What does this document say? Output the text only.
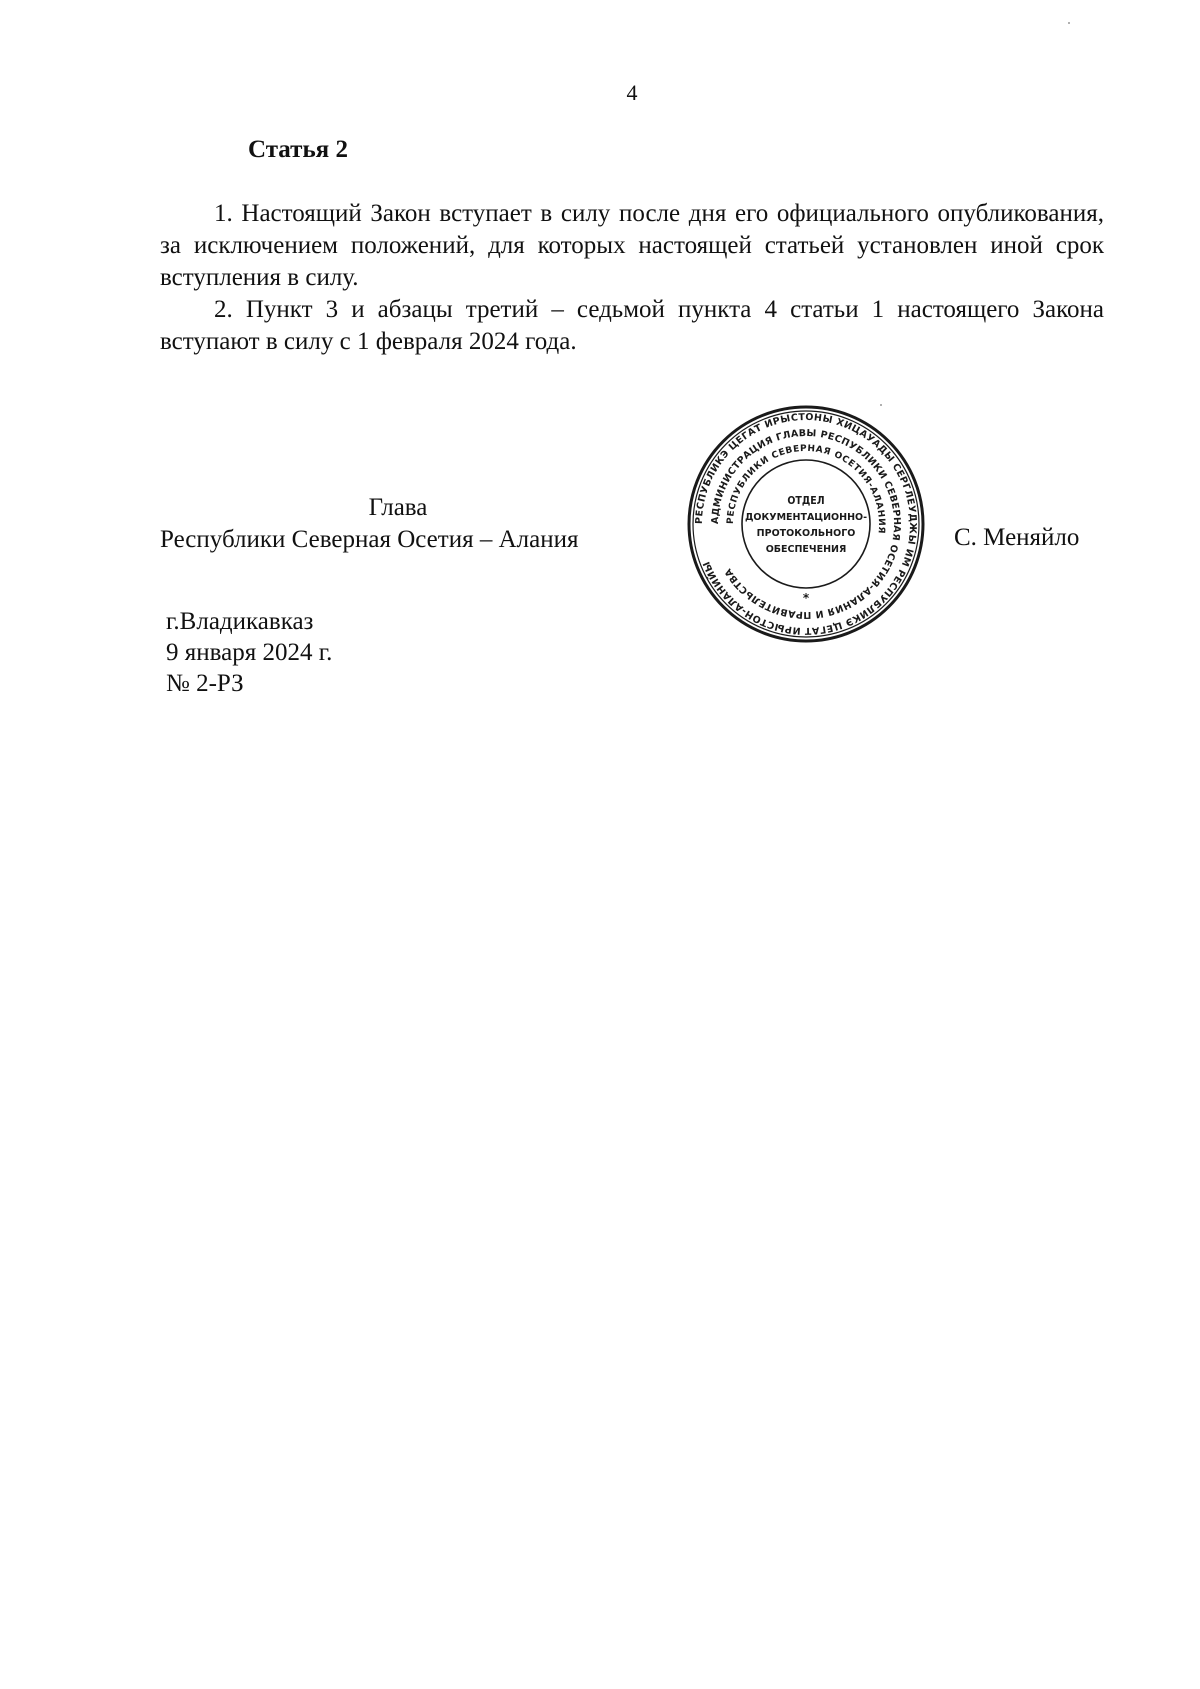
4
Статья 2

1. Настоящий Закон вступает в силу после дня его официального опубликования, за исключением положений, для которых настоящей статьей установлен иной срок вступления в силу.

2. Пункт 3 и абзацы третий – седьмой пункта 4 статьи 1 настоящего Закона вступают в силу с 1 февраля 2024 года.

Глава
Республики Северная Осетия – Алания
РЕСПУБЛИКЭ ЦЕГАТ ИРЫСТОНЫ ХИЦАУАДЫ СЕРГЛЕУДЖЫ ИМ РЕСПУБЛИКЭ ЦЕГАТ ИРЫСТОН-АЛАНИЙЫ
АДМИНИСТРАЦИЯ ГЛАВЫ РЕСПУБЛИКИ СЕВЕРНАЯ ОСЕТИЯ-АЛАНИЯ И ПРАВИТЕЛЬСТВА
РЕСПУБЛИКИ СЕВЕРНАЯ ОСЕТИЯ-АЛАНИЯ
ОТДЕЛ
ДОКУМЕНТАЦИОННО-
ПРОТОКОЛЬНОГО
ОБЕСПЕЧЕНИЯ
*
С. Меняйло
г.Владикавказ
9 января 2024 г.
№ 2-РЗ
